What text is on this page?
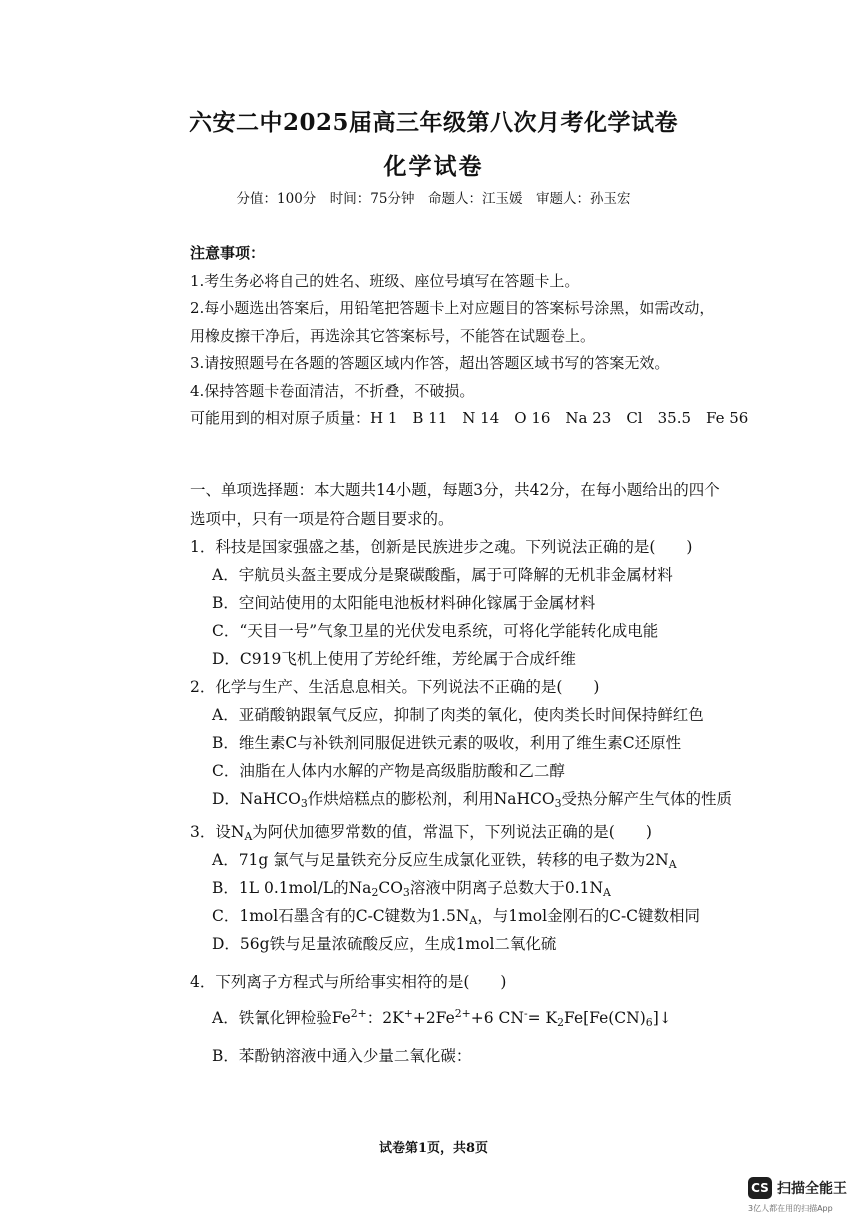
六安二中2025届高三年级第八次月考化学试卷
化学试卷
分值：100分　时间：75分钟　命题人：江玉媛　审题人：孙玉宏
注意事项：
1.考生务必将自己的姓名、班级、座位号填写在答题卡上。
2.每小题选出答案后，用铅笔把答题卡上对应题目的答案标号涂黑，如需改动，
用橡皮擦干净后，再选涂其它答案标号，不能答在试题卷上。
3.请按照题号在各题的答题区域内作答，超出答题区域书写的答案无效。
4.保持答题卡卷面清洁，不折叠，不破损。
可能用到的相对原子质量：H 1　B 11　N 14　O 16　Na 23　Cl　35.5　Fe 56
一、单项选择题：本大题共14小题，每题3分，共42分，在每小题给出的四个
选项中，只有一项是符合题目要求的。
1．科技是国家强盛之基，创新是民族进步之魂。下列说法正确的是(　　)
A．宇航员头盔主要成分是聚碳酸酯，属于可降解的无机非金属材料
B．空间站使用的太阳能电池板材料砷化镓属于金属材料
C．“天目一号”气象卫星的光伏发电系统，可将化学能转化成电能
D．C919飞机上使用了芳纶纤维，芳纶属于合成纤维
2．化学与生产、生活息息相关。下列说法不正确的是(　　)
A．亚硝酸钠跟氧气反应，抑制了肉类的氧化，使肉类长时间保持鲜红色
B．维生素C与补铁剂同服促进铁元素的吸收，利用了维生素C还原性
C．油脂在人体内水解的产物是高级脂肪酸和乙二醇
D．NaHCO$_3$作烘焙糕点的膨松剂，利用NaHCO$_3$受热分解产生气体的性质
3．设$N_A$为阿伏加德罗常数的值，常温下，下列说法正确的是(　　)
A．71g 氯气与足量铁充分反应生成氯化亚铁，转移的电子数为$2N_A$
B．1L 0.1mol/L的$Na_2CO_3$溶液中阴离子总数大于$0.1N_A$
C．1mol石墨含有的C-C键数为$1.5N_A$，与1mol金刚石的C-C键数相同
D．56g铁与足量浓硫酸反应，生成1mol二氧化硫
4．下列离子方程式与所给事实相符的是(　　)
A．铁氰化钾检验$Fe^{2+}$：$2K^++2Fe^{2+}+6$ $CN^-= K_2Fe[Fe(CN)_6]↓$
B．苯酚钠溶液中通入少量二氧化碳：
试卷第1页，共8页
CS 扫描全能王
3亿人都在用的扫描App
